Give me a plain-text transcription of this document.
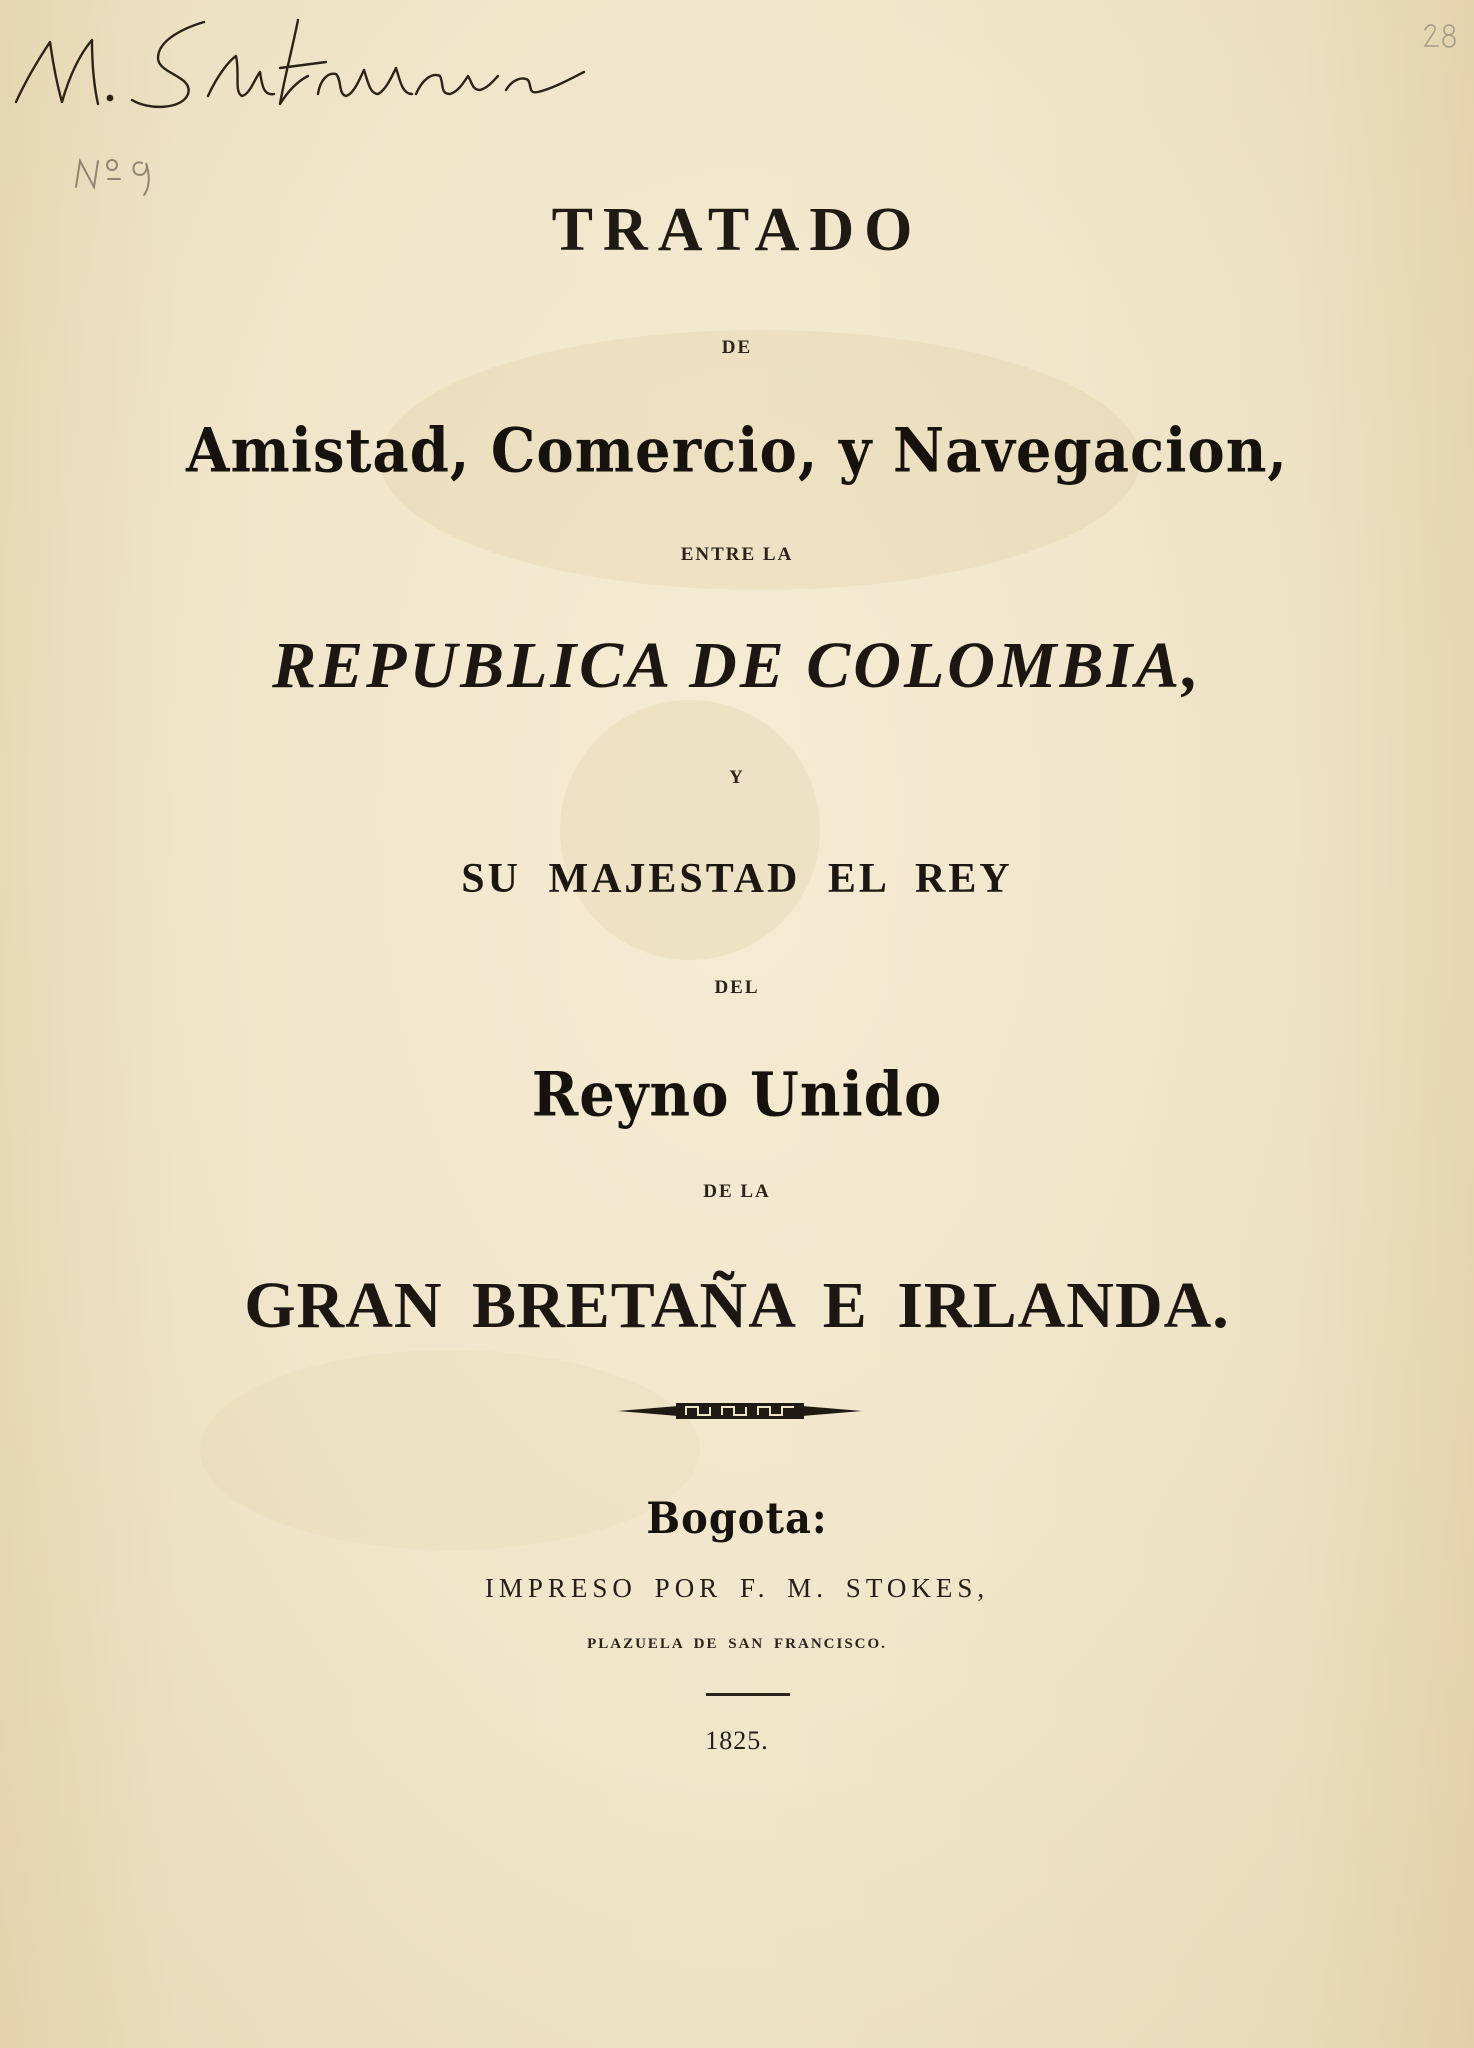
TRATADO
DE
Amistad, Comercio, y Navegacion,
ENTRE LA
REPUBLICA DE COLOMBIA,
Y
SU MAJESTAD EL REY
DEL
Reyno Unido
DE LA
GRAN BRETAÑA E IRLANDA.
Bogota:
IMPRESO POR F. M. STOKES,
PLAZUELA DE SAN FRANCISCO.
1825.
